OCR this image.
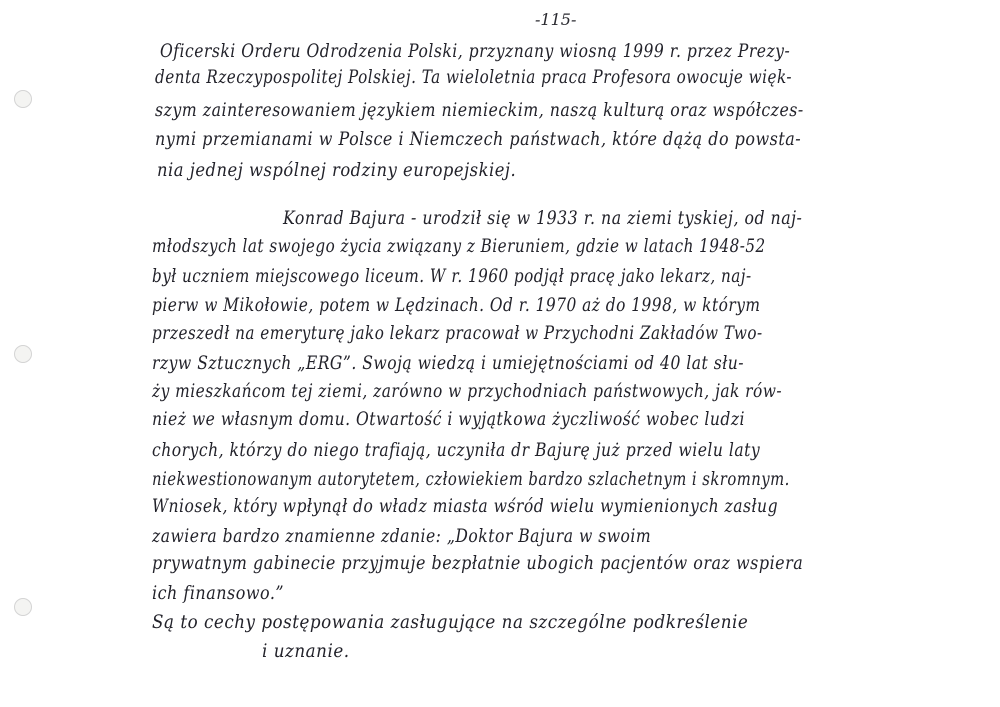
-115-
Oficerski Orderu Odrodzenia Polski, przyznany wiosną 1999 r. przez Prezy-
denta Rzeczypospolitej Polskiej. Ta wieloletnia praca Profesora owocuje więk-
szym zainteresowaniem językiem niemieckim, naszą kulturą oraz współczes-
nymi przemianami w Polsce i Niemczech państwach, które dążą do powsta-
nia jednej wspólnej rodziny europejskiej.
Konrad Bajura - urodził się w 1933 r. na ziemi tyskiej, od naj-
młodszych lat swojego życia związany z Bieruniem, gdzie w latach 1948-52
był uczniem miejscowego liceum. W r. 1960 podjął pracę jako lekarz, naj-
pierw w Mikołowie, potem w Lędzinach. Od r. 1970 aż do 1998, w którym
przeszedł na emeryturę jako lekarz pracował w Przychodni Zakładów Two-
rzyw Sztucznych „ERG”. Swoją wiedzą i umiejętnościami od 40 lat słu-
ży mieszkańcom tej ziemi, zarówno w przychodniach państwowych, jak rów-
nież we własnym domu. Otwartość i wyjątkowa życzliwość wobec ludzi
chorych, którzy do niego trafiają, uczyniła dr Bajurę już przed wielu laty
niekwestionowanym autorytetem, człowiekiem bardzo szlachetnym i skromnym.
Wniosek, który wpłynął do władz miasta wśród wielu wymienionych zasług
zawiera bardzo znamienne zdanie: „Doktor Bajura w swoim
prywatnym gabinecie przyjmuje bezpłatnie ubogich pacjentów oraz wspiera
ich finansowo.”
Są to cechy postępowania zasługujące na szczególne podkreślenie
i uznanie.
